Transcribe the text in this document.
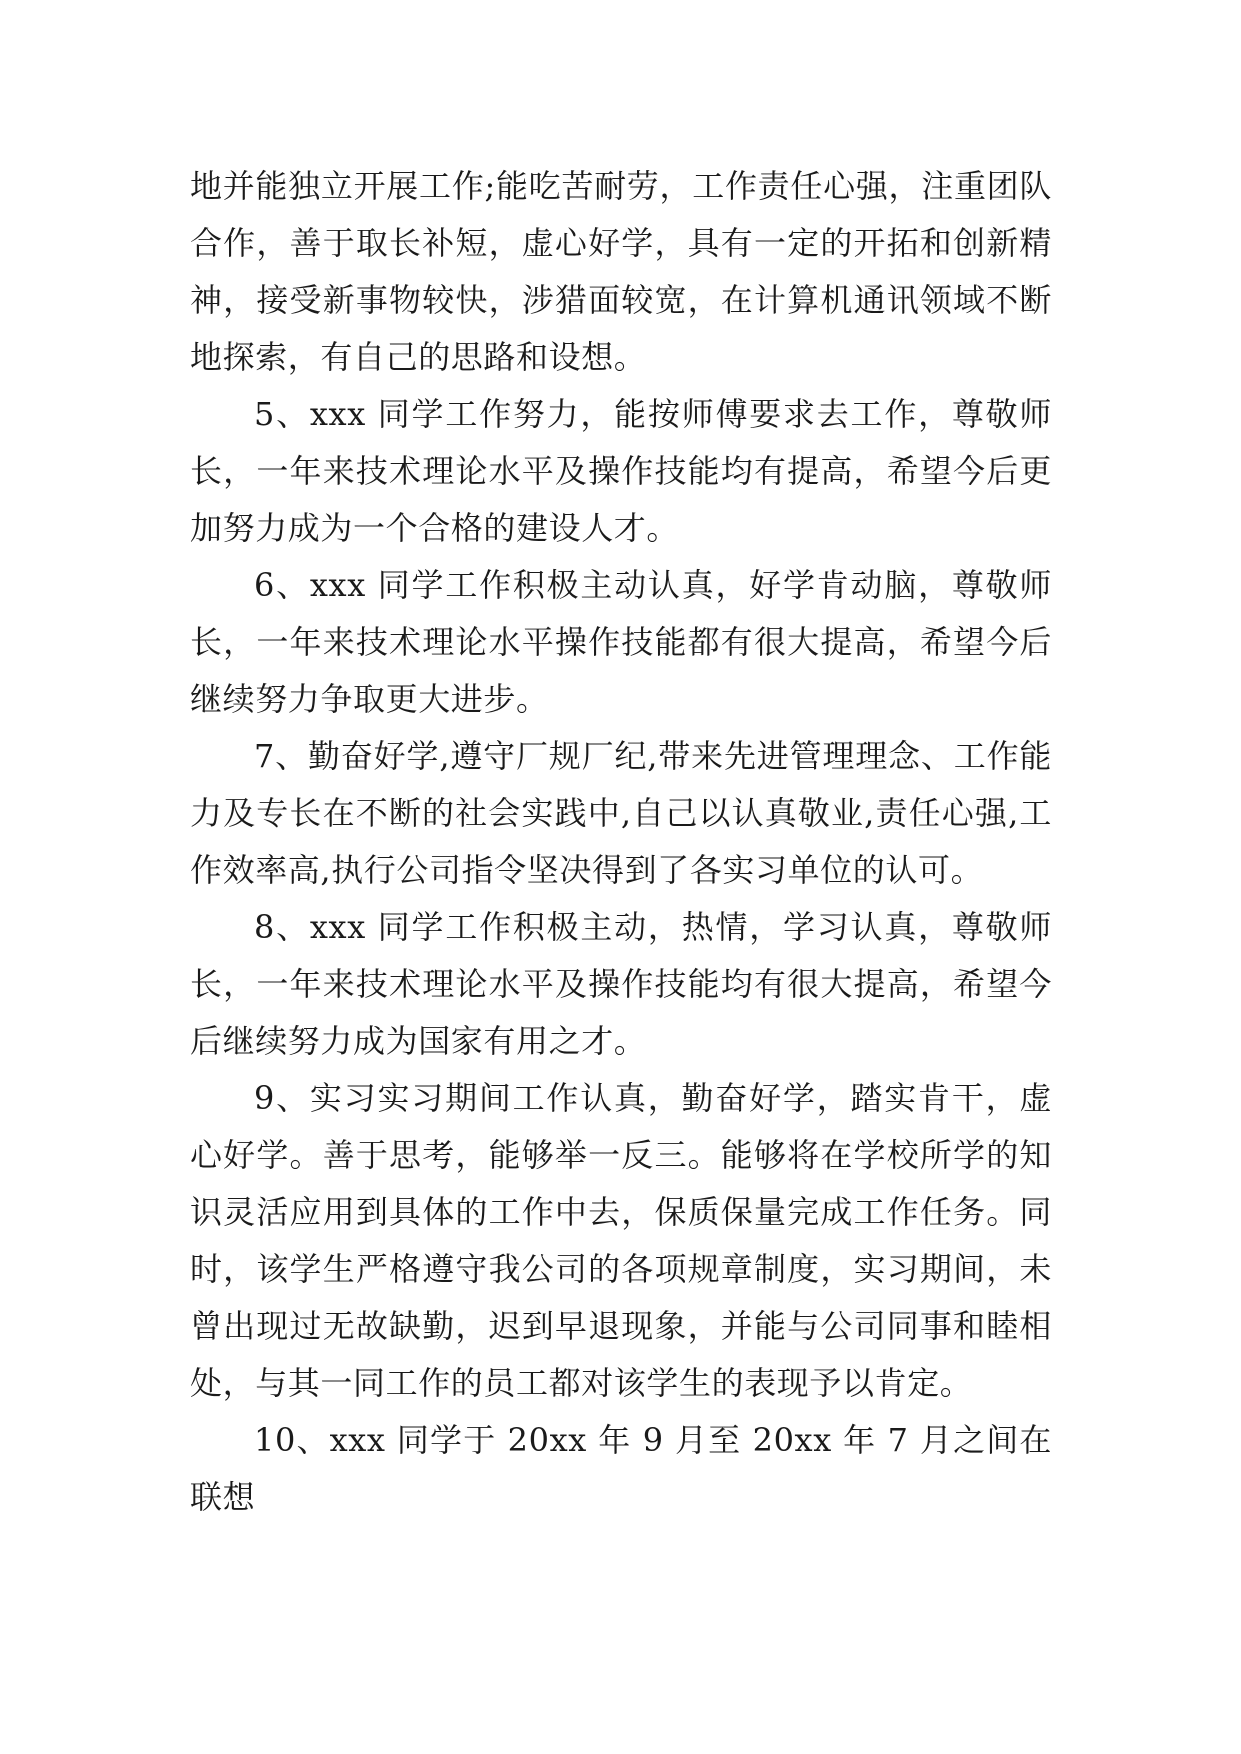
地并能独立开展工作;能吃苦耐劳，工作责任心强，注重团队合作，善于取长补短，虚心好学，具有一定的开拓和创新精神，接受新事物较快，涉猎面较宽，在计算机通讯领域不断地探索，有自己的思路和设想。

5、xxx 同学工作努力，能按师傅要求去工作，尊敬师长，一年来技术理论水平及操作技能均有提高，希望今后更加努力成为一个合格的建设人才。

6、xxx 同学工作积极主动认真，好学肯动脑，尊敬师长，一年来技术理论水平操作技能都有很大提高，希望今后继续努力争取更大进步。

7、勤奋好学,遵守厂规厂纪,带来先进管理理念、工作能力及专长在不断的社会实践中,自己以认真敬业,责任心强,工作效率高,执行公司指令坚决得到了各实习单位的认可。

8、xxx 同学工作积极主动，热情，学习认真，尊敬师长，一年来技术理论水平及操作技能均有很大提高，希望今后继续努力成为国家有用之才。

9、实习实习期间工作认真，勤奋好学，踏实肯干，虚心好学。善于思考，能够举一反三。能够将在学校所学的知识灵活应用到具体的工作中去，保质保量完成工作任务。同时，该学生严格遵守我公司的各项规章制度，实习期间，未曾出现过无故缺勤，迟到早退现象，并能与公司同事和睦相处，与其一同工作的员工都对该学生的表现予以肯定。

10、xxx 同学于 20xx 年 9 月至 20xx 年 7 月之间在联想
